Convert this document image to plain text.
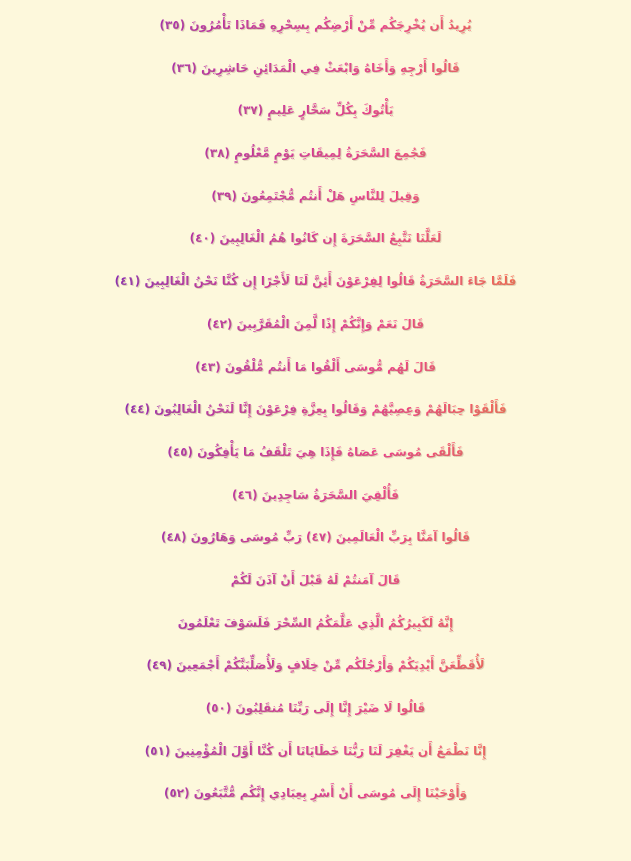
يُرِيدُ أَن يُخْرِجَكُم مِّنْ أَرْضِكُم بِسِحْرِهِ فَمَاذَا تَأْمُرُونَ (٣٥)
قَالُوا أَرْجِهِ وَأَخَاهُ وَابْعَثْ فِي الْمَدَائِنِ حَاشِرِينَ (٣٦)
يَأْتُوكَ بِكُلِّ سَحَّارٍ عَلِيمٍ (٣٧)
فَجُمِعَ السَّحَرَةُ لِمِيقَاتِ يَوْمٍ مَّعْلُومٍ (٣٨)
وَقِيلَ لِلنَّاسِ هَلْ أَنتُم مُّجْتَمِعُونَ (٣٩)
لَعَلَّنَا نَتَّبِعُ السَّحَرَةَ إِن كَانُوا هُمُ الْغَالِبِينَ (٤٠)
فَلَمَّا جَاءَ السَّحَرَةُ قَالُوا لِفِرْعَوْنَ أَئِنَّ لَنَا لَأَجْرًا إِن كُنَّا نَحْنُ الْغَالِبِينَ (٤١)
قَالَ نَعَمْ وَإِنَّكُمْ إِذًا لَّمِنَ الْمُقَرَّبِينَ (٤٢)
قَالَ لَهُم مُّوسَى أَلْقُوا مَا أَنتُم مُّلْقُونَ (٤٣)
فَأَلْقَوْا حِبَالَهُمْ وَعِصِيَّهُمْ وَقَالُوا بِعِزَّةِ فِرْعَوْنَ إِنَّا لَنَحْنُ الْغَالِبُونَ (٤٤)
فَأَلْقَى مُوسَى عَصَاهُ فَإِذَا هِيَ تَلْقَفُ مَا يَأْفِكُونَ (٤٥)
فَأُلْقِيَ السَّحَرَةُ سَاجِدِينَ (٤٦)
قَالُوا آمَنَّا بِرَبِّ الْعَالَمِينَ (٤٧) رَبِّ مُوسَى وَهَارُونَ (٤٨)
قَالَ آمَنتُمْ لَهُ قَبْلَ أَنْ آذَنَ لَكُمْ
إِنَّهُ لَكَبِيرُكُمُ الَّذِي عَلَّمَكُمُ السِّحْرَ فَلَسَوْفَ تَعْلَمُونَ
لَأُقَطِّعَنَّ أَيْدِيَكُمْ وَأَرْجُلَكُم مِّنْ خِلَافٍ وَلَأُصَلِّبَنَّكُمْ أَجْمَعِينَ (٤٩)
قَالُوا لَا ضَيْرَ إِنَّا إِلَى رَبِّنَا مُنقَلِبُونَ (٥٠)
إِنَّا نَطْمَعُ أَن يَغْفِرَ لَنَا رَبُّنَا خَطَايَانَا أَن كُنَّا أَوَّلَ الْمُؤْمِنِينَ (٥١)
وَأَوْحَيْنَا إِلَى مُوسَى أَنْ أَسْرِ بِعِبَادِي إِنَّكُم مُّتَّبَعُونَ (٥٢)
